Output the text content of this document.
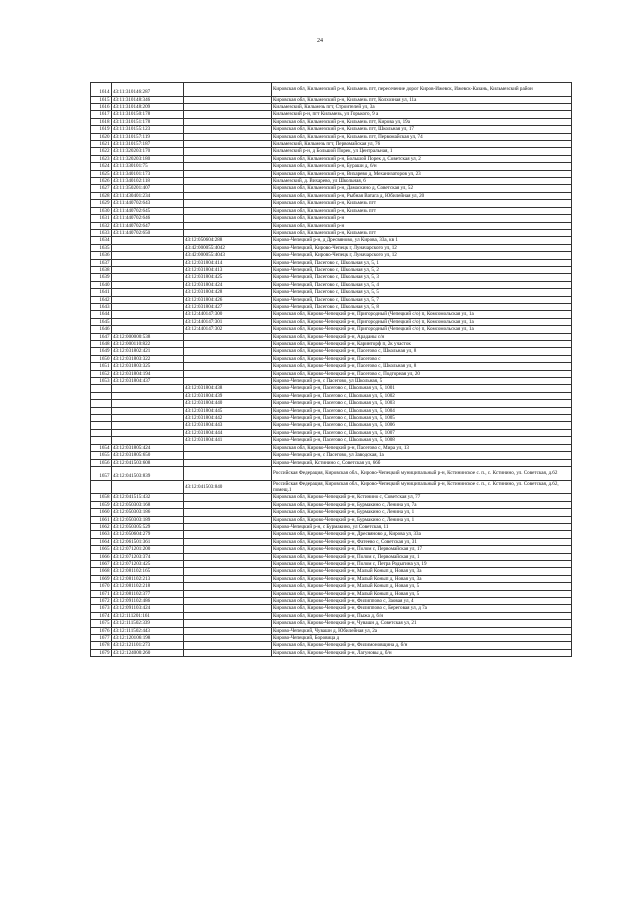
24
1614	43:11:310146:287		Кировская обл, Кильмезский р-н, Кильмезь пгт, пересечение дорог Киров-Ижевск, Ижевск-Казань, Кильмезский район
1615	43:11:310148:346		Кировская обл, Кильмезский р-н, Кильмезь пгт, Колхозная ул, 11а
1616	43:11:310148:209		Кильмезский, Кильмезь пгт, Строителей ул, 3а
1617	43:11:310150:178		Кильмезский р-н, пгт Кильмезь, ул Горького, 9 а
1618	43:11:310151:178		Кировская обл, Кильмезский р-н, Кильмезь пгт, Кирова ул, 19а
1619	43:11:310155:123		Кировская обл, Кильмезский р-н, Кильмезь пгт, Школьная ул, 17
1620	43:11:310157:119		Кировская обл, Кильмезский р-н, Кильмезь пгт, Первомайская ул, 74
1621	43:11:310157:187		Кильмезский, Кильмезь пгт, Первомайская ул, 76
1622	43:11:320203:170		Кильмезский р-н, д Большой Порек, ул Центральная, 1
1623	43:11:320203:180		Кировская обл, Кильмезский р-н, Большой Порек д, Советская ул, 2
1624	43:11:330101:75		Кировская обл, Кильмезский р-н, Бураши д, 6/н
1625	43:11:340101:173		Кировская обл, Кильмезский р-н, Вихарево д, Механизаторов ул, 23
1626	43:11:340102:118		Кильмезский, д. Вихарево, ул Школьная, 6
1627	43:11:350201:407		Кировская обл, Кильмезский р-н, Дамаскино д, Советская ул, 52
1628	43:11:430401:234		Кировская обл, Кильмезский р-н, Рыбная Ватага д, Юбилейная ул, 20
1629	43:11:440702:643		Кировская обл, Кильмезский р-н, Кильмезь пгт
1630	43:11:440702:645		Кировская обл, Кильмезский р-н, Кильмезь пгт
1631	43:11:440702:646		Кировская обл, Кильмезский р-н
1632	43:11:440702:647		Кировская обл, Кильмезский р-н
1633	43:11:440702:650		Кировская обл, Кильмезский р-н, Кильмезь пгт
1634		43:12:050604:288	Кирово-Чепецкий р-н, д Дресвяново, ул Кирова, 33а, кв 1
1635		43:42:000055:4042	Кирово-Чепецкий, Кирово-Чепецк г, Луначарского ул, 12
1636		43:42:000055:4043	Кирово-Чепецкий, Кирово-Чепецк г, Луначарского ул, 12
1637		43:12:031804:414	Кирово-Чепецкий, Пасегово с, Школьная ул, 5, 1
1638		43:12:031804:413	Кирово-Чепецкий, Пасегово с, Школьная ул, 5, 2
1639		43:12:031804:425	Кирово-Чепецкий, Пасегово с, Школьная ул, 5, 3
1640		43:12:031804:424	Кирово-Чепецкий, Пасегово с, Школьная ул, 5, 4
1641		43:12:031804:428	Кирово-Чепецкий, Пасегово с, Школьная ул, 5, 5
1642		43:12:031804:426	Кирово-Чепецкий, Пасегово с, Школьная ул, 5, 7
1643		43:12:031804:427	Кирово-Чепецкий, Пасегово с, Школьная ул, 5, 8
1644		43:12:440147:300	Кировская обл, Кирово-Чепецкий р-н, Пригородный (Чепецкий с/о) п, Комсомольская ул, 1а
1645		43:12:440147:301	Кировская обл, Кирово-Чепецкий р-н, Пригородный (Чепецкий с/о) п, Комсомольская ул, 1а
1646		43:12:440147:302	Кировская обл, Кирово-Чепецкий р-н, Пригородный (Чепецкий с/о) п, Комсомольская ул, 1а
1647	43:12:000000:538		Кировская обл, Кирово-Чепецкий р-н, Араданы с/н
1648	43:12:000110:822		Кировская обл, Кирово-Чепецкий р-н, Каринторф п, 2к участок
1649	43:12:031802:421		Кировская обл, Кирово-Чепецкий р-н, Пасегово с, Школьная ул, 8
1650	43:12:031803:322		Кировская обл, Кирово-Чепецкий р-н, Пасегово с
1651	43:12:031803:325		Кировская обл, Кирово-Чепецкий р-н, Пасегово с, Школьная ул, 8
1652	43:12:031804:194		Кировская обл, Кирово-Чепецкий р-н, Пасегово с, Подгорная ул, 20
1653	43:12:031804:437		Кирово-Чепецкий р-н, с Пасегово, ул Школьная, 5
		43:12:031804:438	Кирово-Чепецкий р-н, Пасегово с, Школьная ул, 5, 1001
		43:12:031804:439	Кирово-Чепецкий р-н, Пасегово с, Школьная ул, 5, 1002
		43:12:031804:440	Кирово-Чепецкий р-н, Пасегово с, Школьная ул, 5, 1003
		43:12:031804:445	Кирово-Чепецкий р-н, Пасегово с, Школьная ул, 5, 1004
		43:12:031804:442	Кирово-Чепецкий р-н, Пасегово с, Школьная ул, 5, 1005
		43:12:031804:443	Кирово-Чепецкий р-н, Пасегово с, Школьная ул, 5, 1006
		43:12:031804:444	Кирово-Чепецкий р-н, Пасегово с, Школьная ул, 5, 1007
		43:12:031804:441	Кирово-Чепецкий р-н, Пасегово с, Школьная ул, 5, 1008
1654	43:12:031805:424		Кировская обл, Кирово-Чепецкий р-н, Пасегово с, Мира ул, 13
1655	43:12:031805:650		Кирово-Чепецкий р-н, с Пасегово, ул Заводская, 1а
1656	43:12:041503:608		Кирово-Чепецкий, Кстинино с, Советская ул, 66б
1657	43:12:041503:839		Российская Федерация, Кировская обл., Кирово-Чепецкий муниципальный р-н, Кстининское с. п., с. Кстинино, ул. Советская, д.62
		43:12:041503:840	Российская Федерация, Кировская обл., Кирово-Чепецкий муниципальный р-н, Кстининское с. п., с. Кстинино, ул. Советская, д.62, помещ.1
1658	43:12:041515:432		Кировская обл, Кирово-Чепецкий р-н, Кстинино с, Советская ул, 77
1659	43:12:050303:168		Кировская обл, Кирово-Чепецкий р-н, Бурмакино с, Ленина ул, 7а
1660	43:12:050303:186		Кировская обл, Кирово-Чепецкий р-н, Бурмакино с, Ленина ул, 1
1661	43:12:050303:189		Кировская обл, Кирово-Чепецкий р-н, Бурмакино с, Ленина ул, 1
1662	43:12:050305:529		Кирово-Чепецкий р-н, с Бурмакино, ул Советская, 11
1663	43:12:050604:279		Кировская обл, Кирово-Чепецкий р-н, Дресвяново д, Кирова ул, 33а
1664	43:12:061501:361		Кировская обл, Кирово-Чепецкий р-н, Фатеево с, Советская ул, 31
1665	43:12:071201:200		Кировская обл, Кирово-Чепецкий р-н, Полом с, Первомайская ул, 17
1666	43:12:071203:374		Кировская обл, Кирово-Чепецкий р-н, Полом с, Первомайская ул, 1
1667	43:12:071203:425		Кировская обл, Кирово-Чепецкий р-н, Полом с, Петра Родыгина ул, 19
1668	43:12:081102:165		Кировская обл, Кирово-Чепецкий р-н, Малый Конып д, Новая ул, 3а
1669	43:12:081102:213		Кировская обл, Кирово-Чепецкий р-н, Малый Конып д, Новая ул, 3а
1670	43:12:081102:218		Кировская обл, Кирово-Чепецкий р-н, Малый Конып д, Новая ул, 5
1671	43:12:081102:377		Кировская обл, Кирово-Чепецкий р-н, Малый Конып д, Новая ул, 5
1672	43:12:091102:486		Кировская обл, Кирово-Чепецкий р-н, Филиппово с, Заовая ул, 4
1673	43:12:091103:424		Кировская обл, Кирово-Чепецкий р-н, Филиппово с, Береговая ул, д 7а
1674	43:12:111201:161		Кировская обл, Кирово-Чепецкий р-н, Пыжа д, б/н
1675	43:12:111502:339		Кировская обл, Кирово-Чепецкий р-н, Чувашн д, Советская ул, 21
1676	43:12:111502:443		Кирово-Чепецкий, Чувашн д, Юбилейная ул, 2а
1677	43:12:120106:198		Кирово-Чепецкий, Боровица д
1678	43:12:121101:273		Кировская обл, Кирово-Чепецкий р-н, Филимоновщина д, б/н
1679	43:12:124000:260		Кировская обл, Кирово-Чепецкий р-н, Лагуновы д, б/н
